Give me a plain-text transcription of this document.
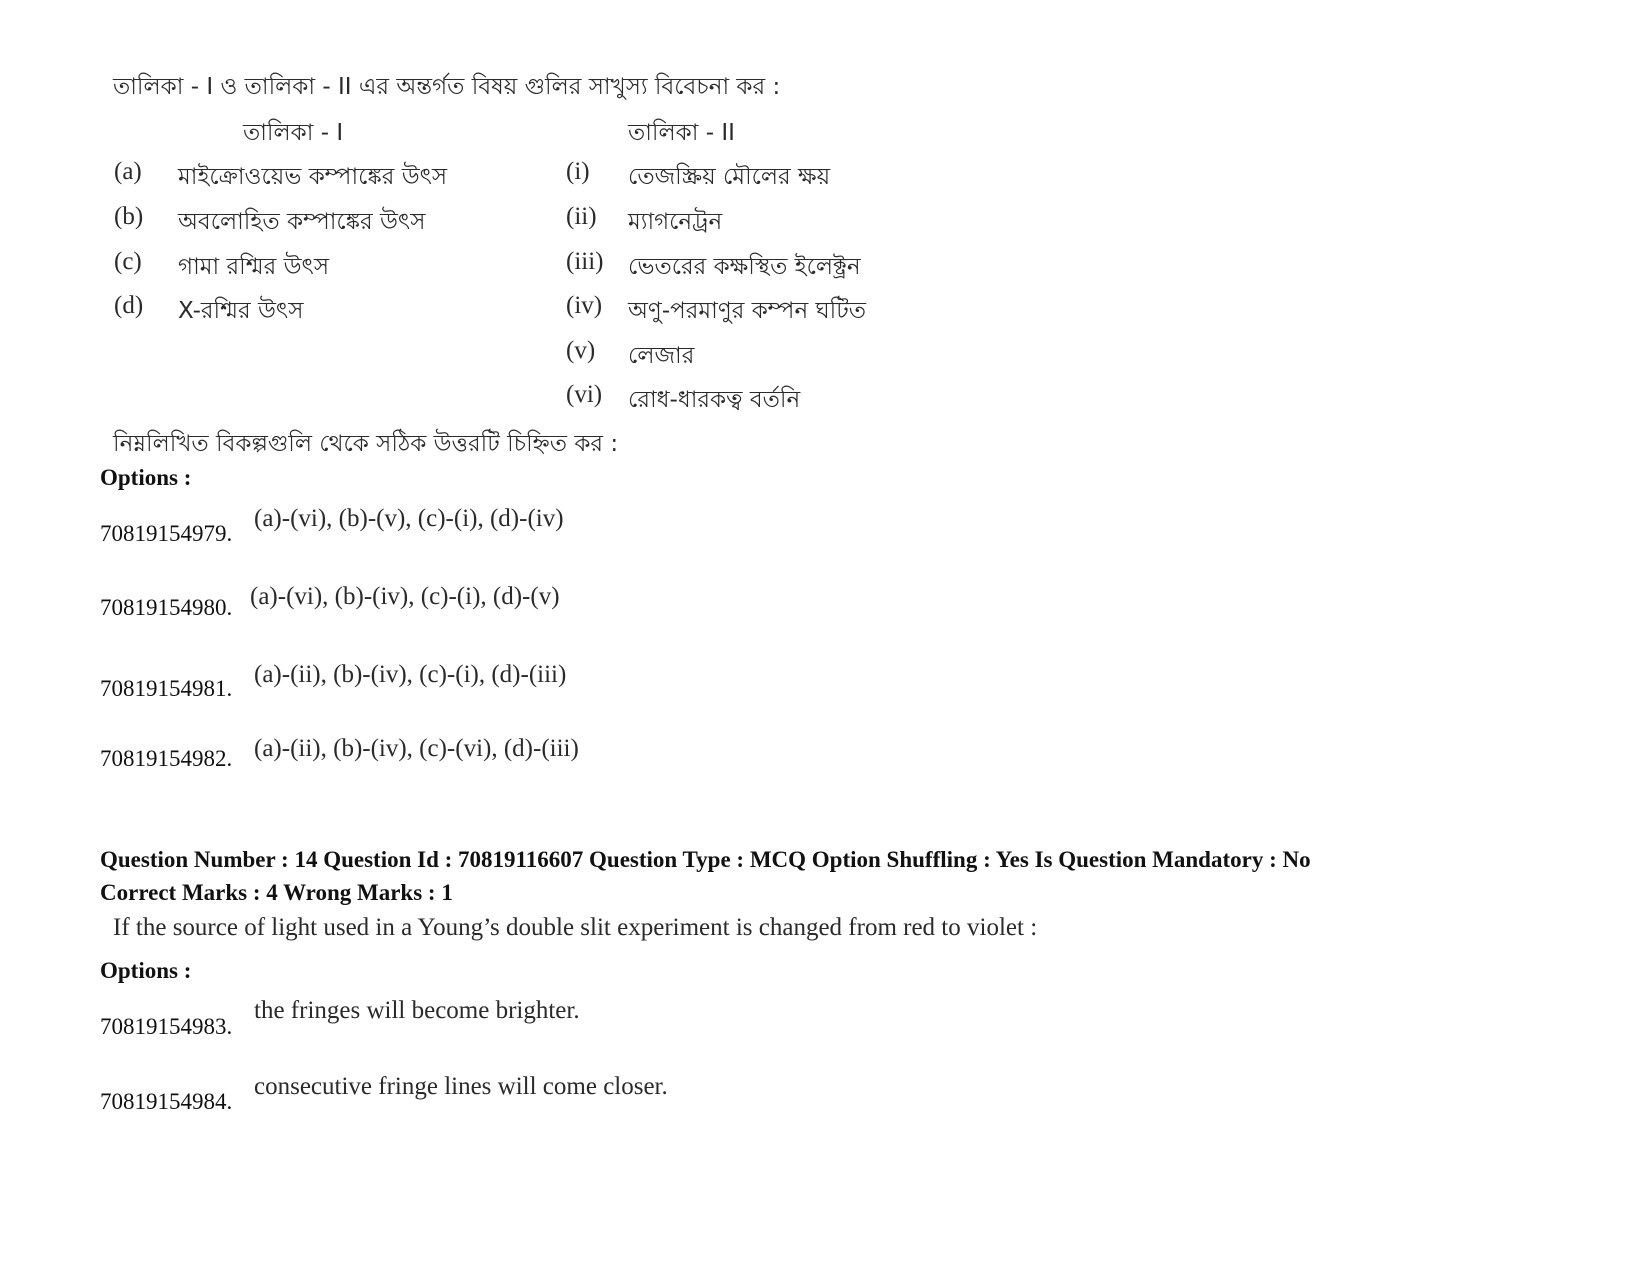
তালিকা - I ও তালিকা - II এর অন্তর্গত বিষয় গুলির সাখুস্য বিবেচনা কর :
তালিকা - I	তালিকা - II
(a) মাইক্রোওয়েভ কম্পাঙ্কের উৎস
(b) অবলোহিত কম্পাঙ্কের উৎস
(c) গামা রশ্মির উৎস
(d) X-রশ্মির উৎস
(i) তেজস্ক্রিয় মৌলের ক্ষয়
(ii) ম্যাগনেট্রন
(iii) ভেতরের কক্ষস্থিত ইলেক্ট্রন
(iv) অণু-পরমাণুর কম্পন ঘটিত
(v) লেজার
(vi) রোধ-ধারকত্ব বর্তনি
নিম্নলিখিত বিকল্পগুলি থেকে সঠিক উত্তরটি চিহ্নিত কর :
Options :
70819154979.
(a)-(vi), (b)-(v), (c)-(i), (d)-(iv)
70819154980. (a)-(vi), (b)-(iv), (c)-(i), (d)-(v)
70819154981.
(a)-(ii), (b)-(iv), (c)-(i), (d)-(iii)
70819154982. (a)-(ii), (b)-(iv), (c)-(vi), (d)-(iii)
Question Number : 14 Question Id : 70819116607 Question Type : MCQ Option Shuffling : Yes Is Question Mandatory : No
Correct Marks : 4 Wrong Marks : 1
If the source of light used in a Young’s double slit experiment is changed from red to violet :
Options :
70819154983.
the fringes will become brighter.
70819154984.
consecutive fringe lines will come closer.
